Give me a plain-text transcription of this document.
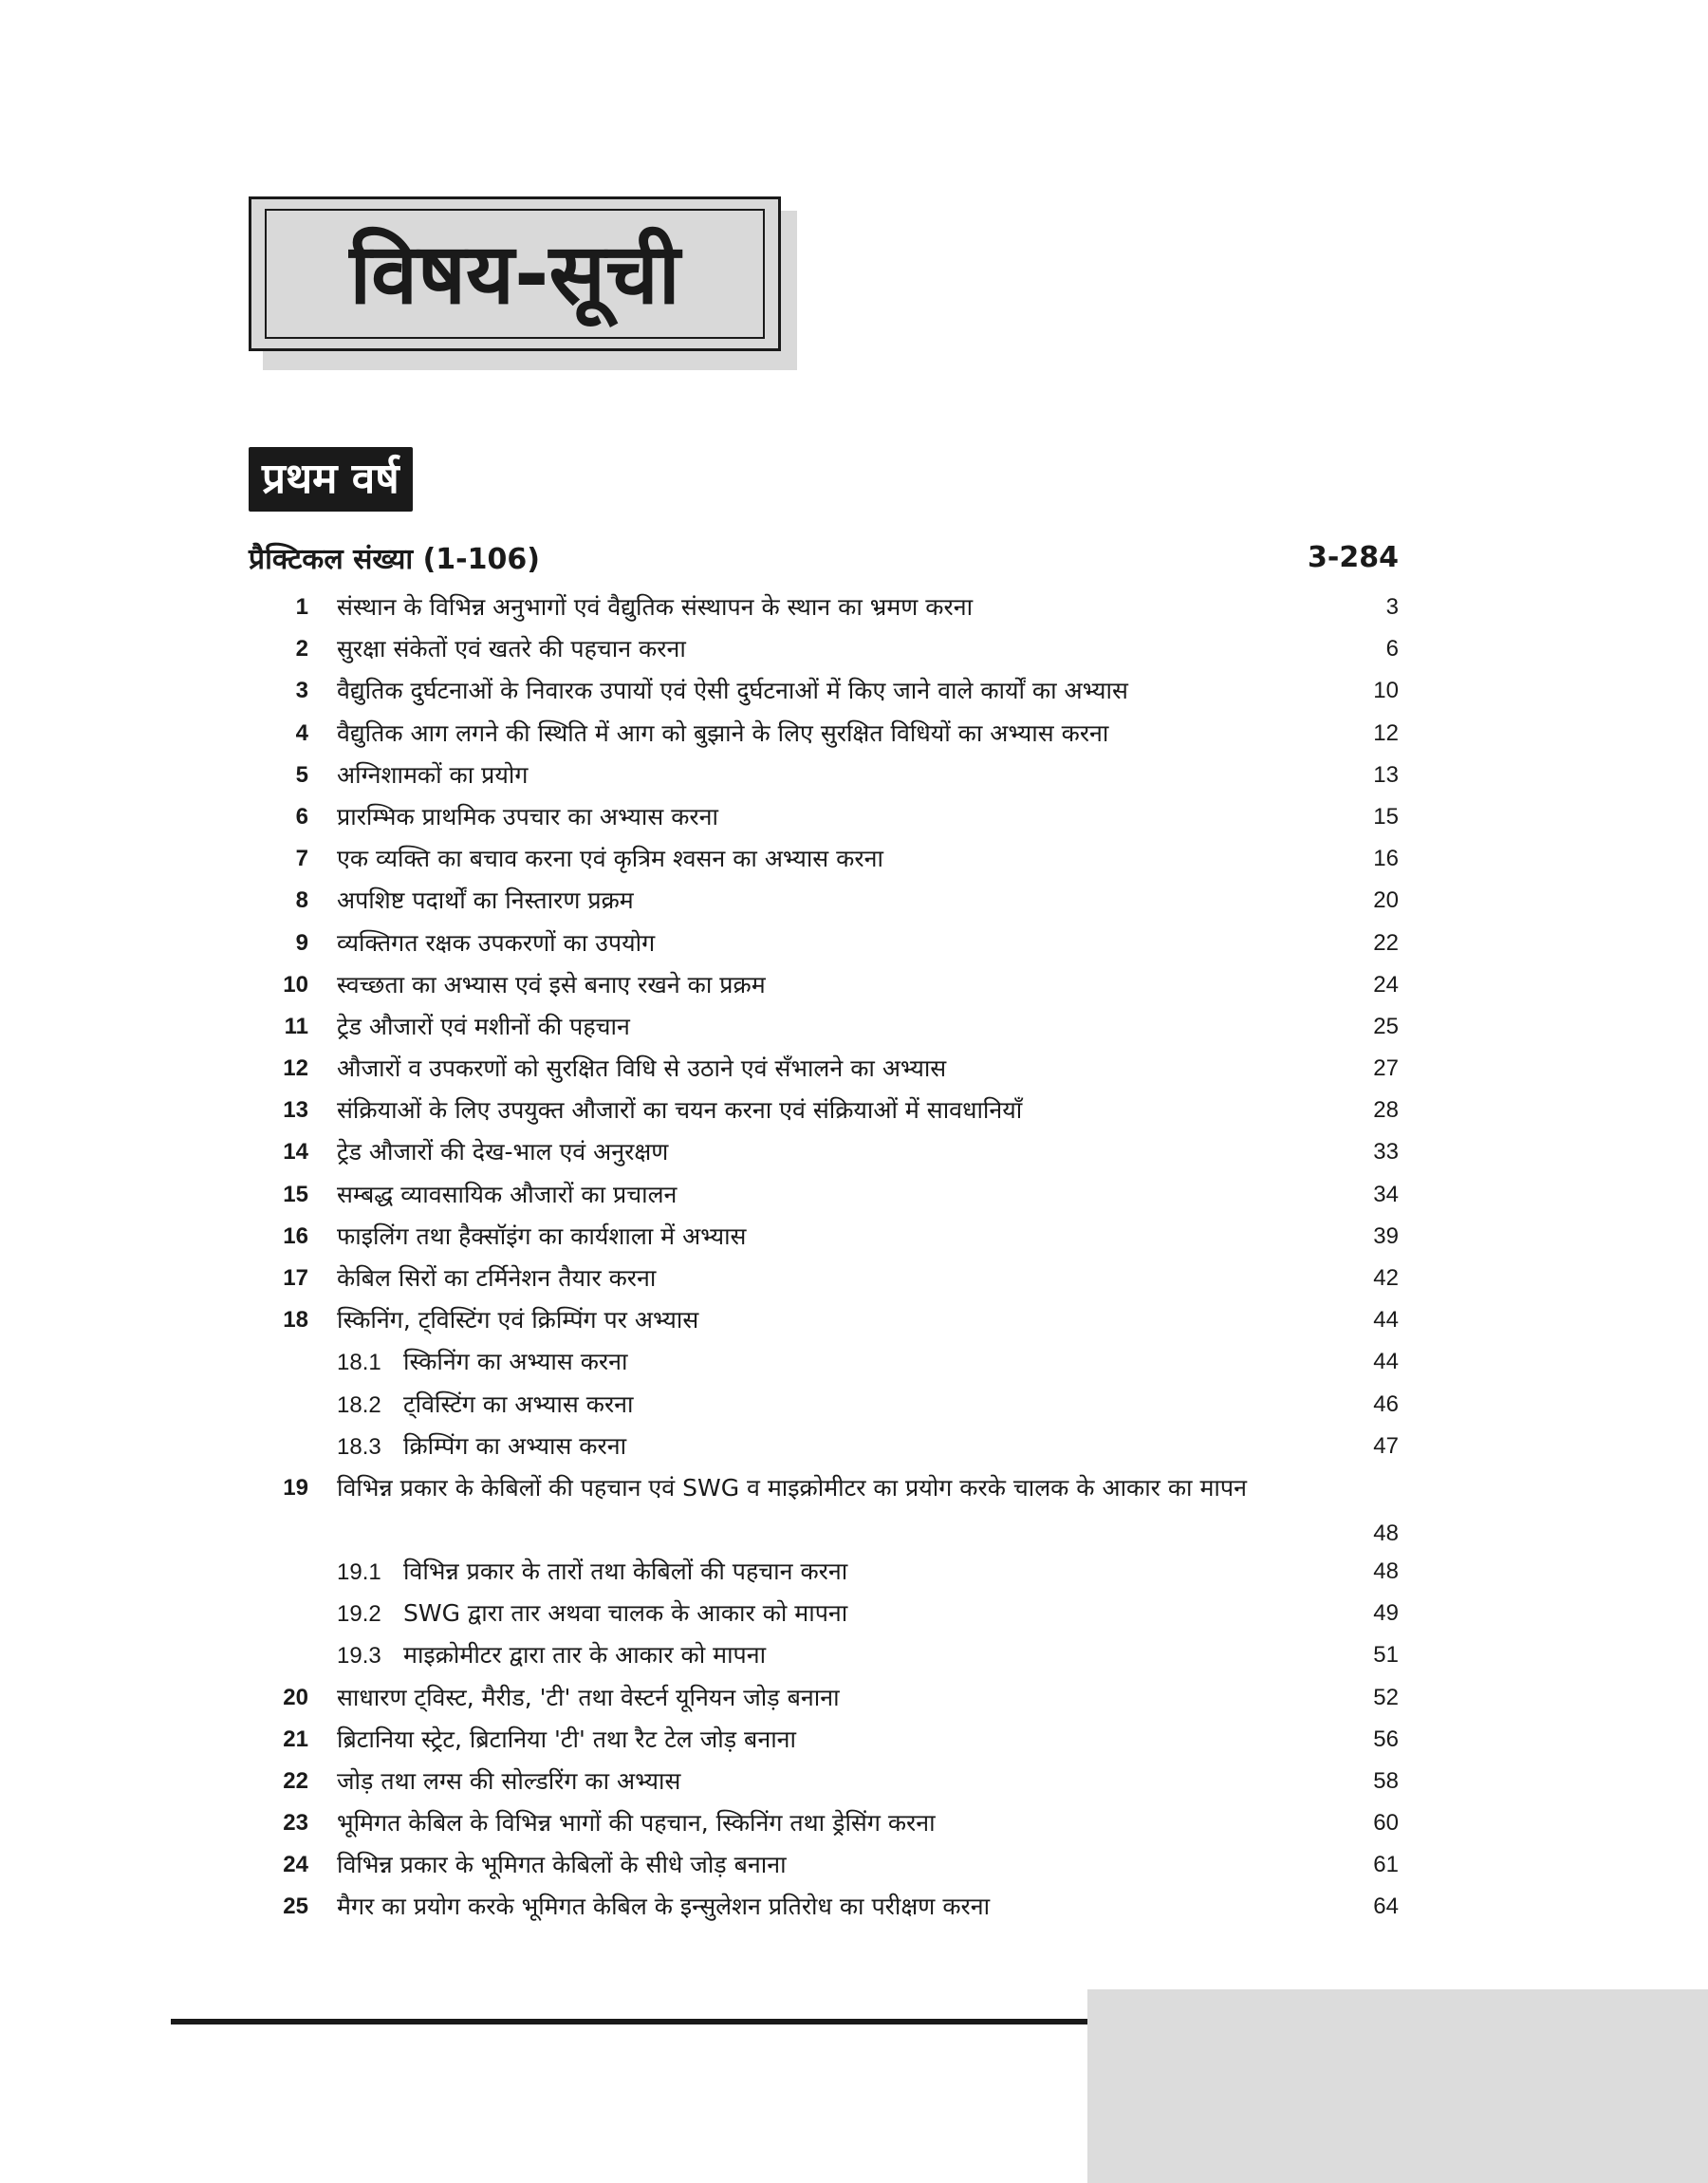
विषय-सूची
प्रथम वर्ष
प्रैक्टिकल संख्या (1-106)	3-284
1	संस्थान के विभिन्न अनुभागों एवं वैद्युतिक संस्थापन के स्थान का भ्रमण करना	3
2	सुरक्षा संकेतों एवं खतरे की पहचान करना	6
3	वैद्युतिक दुर्घटनाओं के निवारक उपायों एवं ऐसी दुर्घटनाओं में किए जाने वाले कार्यों का अभ्यास	10
4	वैद्युतिक आग लगने की स्थिति में आग को बुझाने के लिए सुरक्षित विधियों का अभ्यास करना	12
5	अग्निशामकों का प्रयोग	13
6	प्रारम्भिक प्राथमिक उपचार का अभ्यास करना	15
7	एक व्यक्ति का बचाव करना एवं कृत्रिम श्वसन का अभ्यास करना	16
8	अपशिष्ट पदार्थों का निस्तारण प्रक्रम	20
9	व्यक्तिगत रक्षक उपकरणों का उपयोग	22
10	स्वच्छता का अभ्यास एवं इसे बनाए रखने का प्रक्रम	24
11	ट्रेड औजारों एवं मशीनों की पहचान	25
12	औजारों व उपकरणों को सुरक्षित विधि से उठाने एवं सँभालने का अभ्यास	27
13	संक्रियाओं के लिए उपयुक्त औजारों का चयन करना एवं संक्रियाओं में सावधानियाँ	28
14	ट्रेड औजारों की देख-भाल एवं अनुरक्षण	33
15	सम्बद्ध व्यावसायिक औजारों का प्रचालन	34
16	फाइलिंग तथा हैक्सॉइंग का कार्यशाला में अभ्यास	39
17	केबिल सिरों का टर्मिनेशन तैयार करना	42
18	स्किनिंग, ट्विस्टिंग एवं क्रिम्पिंग पर अभ्यास	44
18.1 स्किनिंग का अभ्यास करना	44
18.2 ट्विस्टिंग का अभ्यास करना	46
18.3 क्रिम्पिंग का अभ्यास करना	47
19	विभिन्न प्रकार के केबिलों की पहचान एवं SWG व माइक्रोमीटर का प्रयोग करके चालक के आकार का मापन
48
19.1 विभिन्न प्रकार के तारों तथा केबिलों की पहचान करना	48
19.2 SWG द्वारा तार अथवा चालक के आकार को मापना	49
19.3 माइक्रोमीटर द्वारा तार के आकार को मापना	51
20	साधारण ट्विस्ट, मैरीड, 'टी' तथा वेस्टर्न यूनियन जोड़ बनाना	52
21	ब्रिटानिया स्ट्रेट, ब्रिटानिया 'टी' तथा रैट टेल जोड़ बनाना	56
22	जोड़ तथा लग्स की सोल्डरिंग का अभ्यास	58
23	भूमिगत केबिल के विभिन्न भागों की पहचान, स्किनिंग तथा ड्रेसिंग करना	60
24	विभिन्न प्रकार के भूमिगत केबिलों के सीधे जोड़ बनाना	61
25	मैगर का प्रयोग करके भूमिगत केबिल के इन्सुलेशन प्रतिरोध का परीक्षण करना	64
